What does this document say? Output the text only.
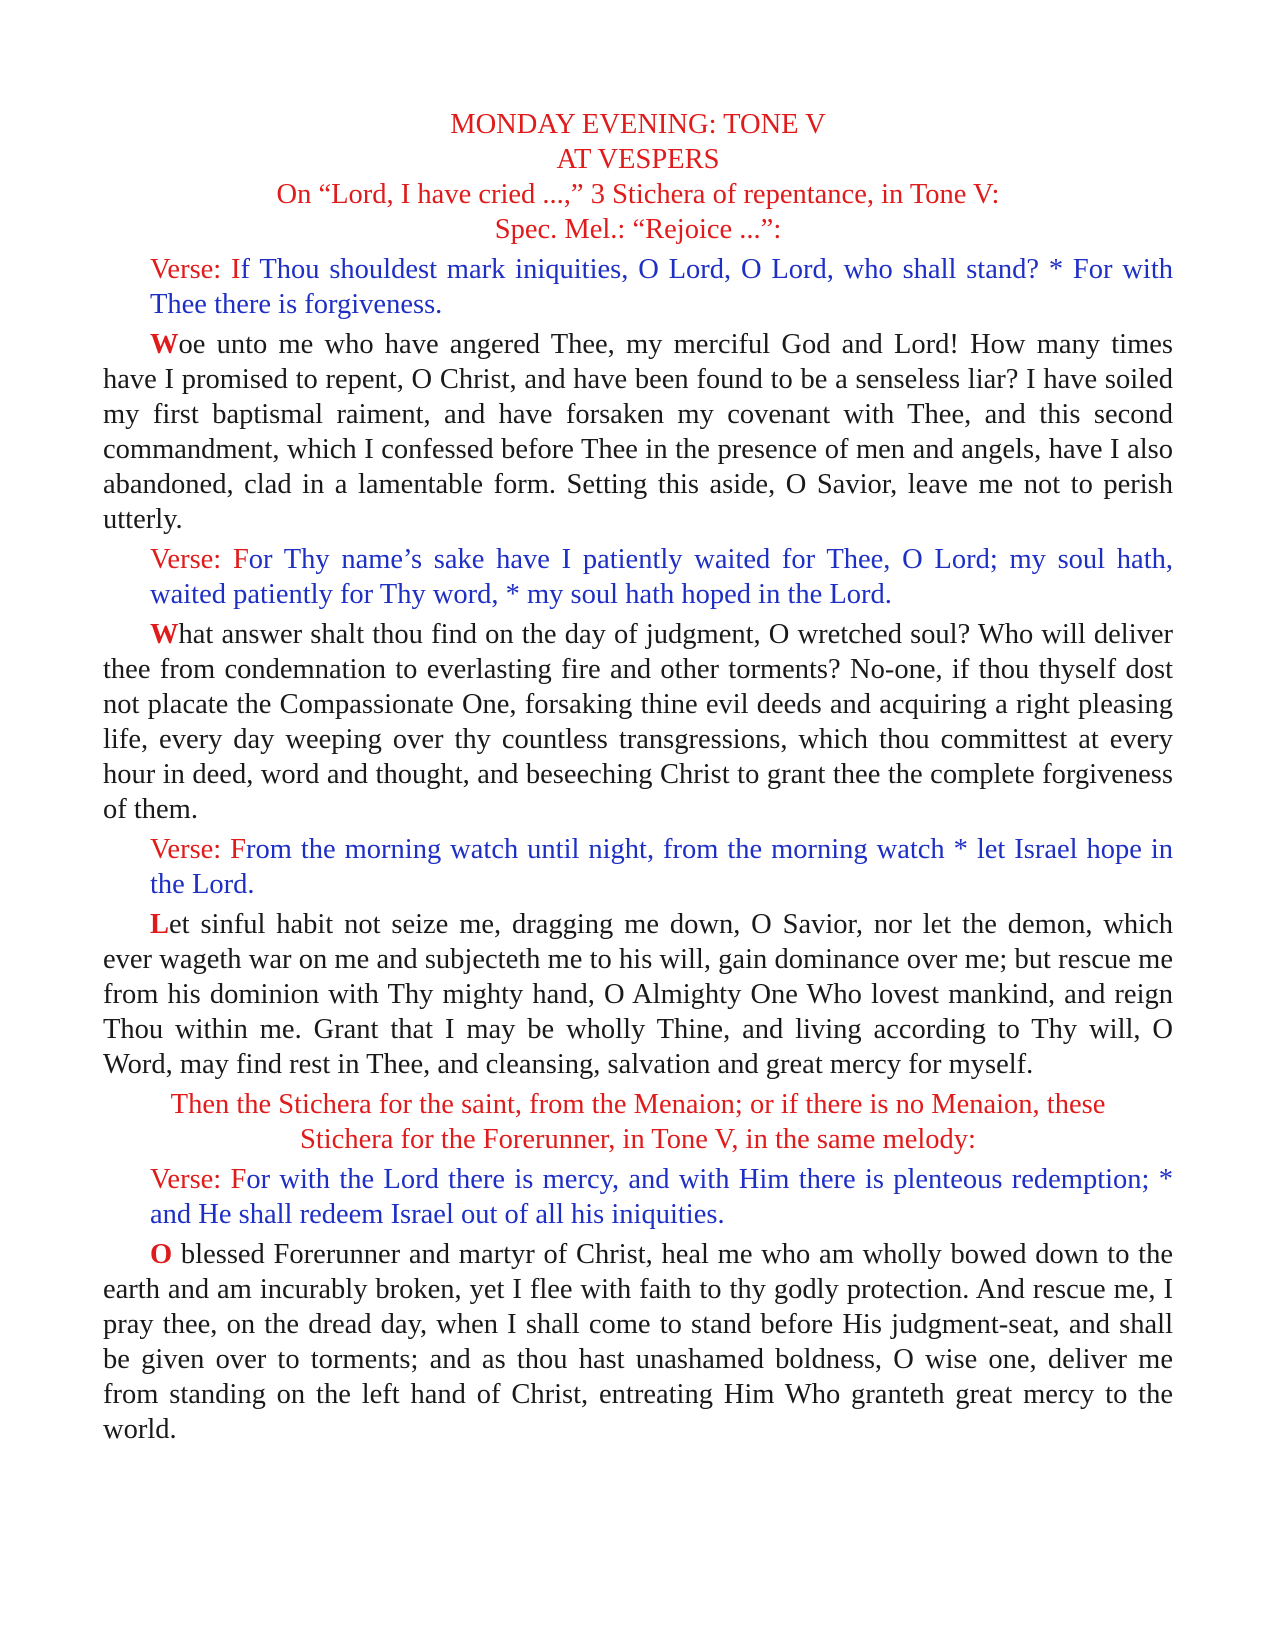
MONDAY EVENING: TONE V

AT VESPERS

On “Lord, I have cried ...,” 3 Stichera of repentance, in Tone V:

Spec. Mel.: “Rejoice ...”:

Verse: If Thou shouldest mark iniquities, O Lord, O Lord, who shall stand? * For with Thee there is forgiveness.

Woe unto me who have angered Thee, my merciful God and Lord! How many times have I promised to repent, O Christ, and have been found to be a senseless liar? I have soiled my first baptismal raiment, and have forsaken my covenant with Thee, and this second commandment, which I confessed before Thee in the presence of men and angels, have I also abandoned, clad in a lamentable form. Setting this aside, O Savior, leave me not to perish utterly.

Verse: For Thy name’s sake have I patiently waited for Thee, O Lord; my soul hath, waited patiently for Thy word, * my soul hath hoped in the Lord.

What answer shalt thou find on the day of judgment, O wretched soul? Who will deliver thee from condemnation to everlasting fire and other torments? No-one, if thou thyself dost not placate the Compassionate One, forsaking thine evil deeds and acquiring a right pleasing life, every day weeping over thy countless transgressions, which thou committest at every hour in deed, word and thought, and beseeching Christ to grant thee the complete forgiveness of them.

Verse: From the morning watch until night, from the morning watch * let Israel hope in the Lord.

Let sinful habit not seize me, dragging me down, O Savior, nor let the demon, which ever wageth war on me and subjecteth me to his will, gain dominance over me; but rescue me from his dominion with Thy mighty hand, O Almighty One Who lovest mankind, and reign Thou within me. Grant that I may be wholly Thine, and living according to Thy will, O Word, may find rest in Thee, and cleansing, salvation and great mercy for myself.

Then the Stichera for the saint, from the Menaion; or if there is no Menaion, these
Stichera for the Forerunner, in Tone V, in the same melody:

Verse: For with the Lord there is mercy, and with Him there is plenteous redemption; * and He shall redeem Israel out of all his iniquities.

O blessed Forerunner and martyr of Christ, heal me who am wholly bowed down to the earth and am incurably broken, yet I flee with faith to thy godly protection. And rescue me, I pray thee, on the dread day, when I shall come to stand before His judgment-seat, and shall be given over to torments; and as thou hast unashamed boldness, O wise one, deliver me from standing on the left hand of Christ, entreating Him Who granteth great mercy to the world.
